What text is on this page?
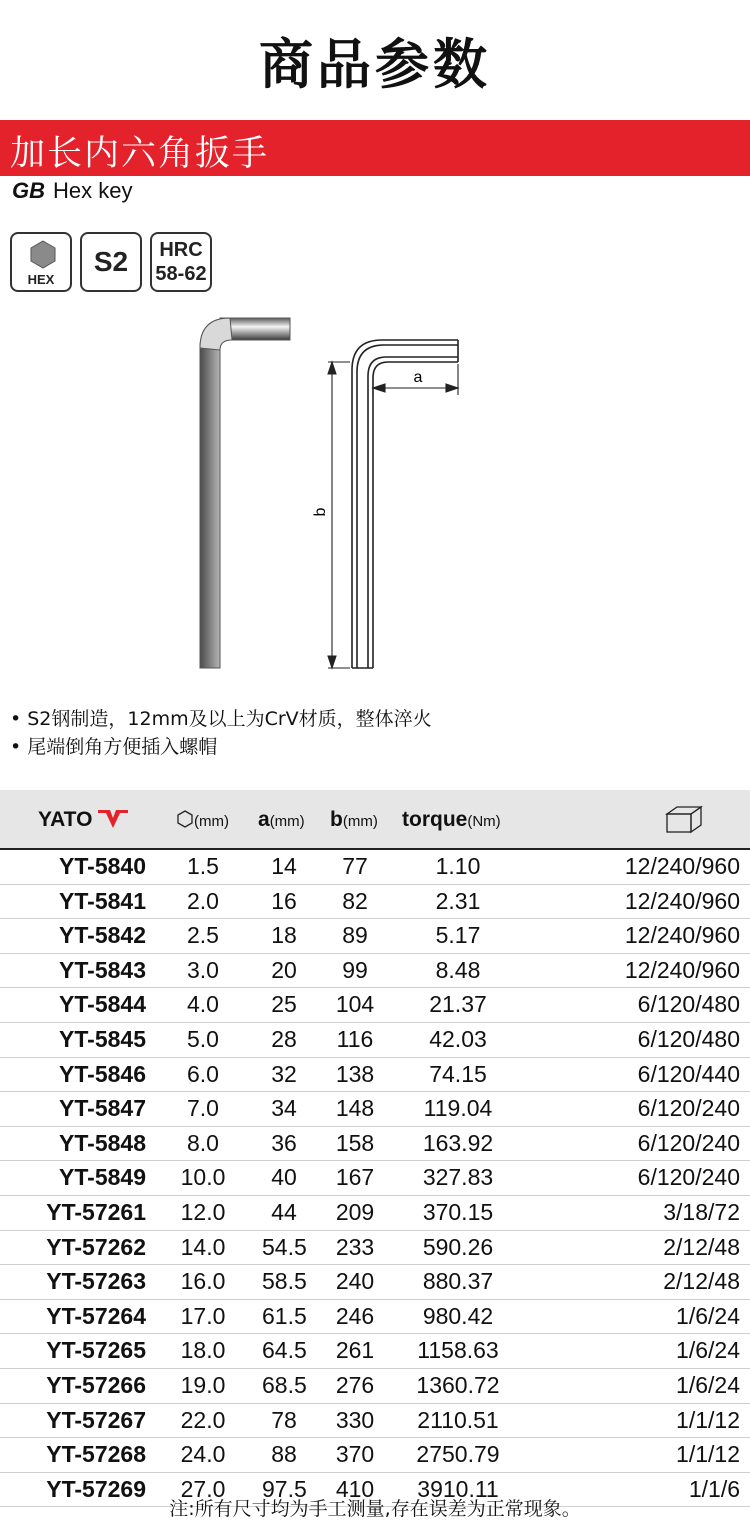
商品参数
加长内六角扳手
GB Hex key
HEX
S2	HRC
58-62
a
b
• S2钢制造，12mm及以上为CrV材质，整体淬火
• 尾端倒角方便插入螺帽
YATO	(mm) a(mm) b(mm) torque(Nm)
YT-5840	1.5	14	77	1.10	12/240/960
YT-5841	2.0	16	82	2.31	12/240/960
YT-5842	2.5	18	89	5.17	12/240/960
YT-5843	3.0	20	99	8.48	12/240/960
YT-5844	4.0	25	104	21.37	6/120/480
YT-5845	5.0	28	116	42.03	6/120/480
YT-5846	6.0	32	138	74.15	6/120/440
YT-5847	7.0	34	148	119.04	6/120/240
YT-5848	8.0	36	158	163.92	6/120/240
YT-5849 10.0	40	167	327.83	6/120/240
YT-57261 12.0	44	209	370.15	3/18/72
YT-57262 14.0 54.5 233	590.26	2/12/48
YT-57263 16.0 58.5 240	880.37	2/12/48
YT-57264 17.0 61.5 246	980.42	1/6/24
YT-57265 18.0 64.5 261	1158.63	1/6/24
YT-57266 19.0 68.5 276	1360.72	1/6/24
YT-57267 22.0	78	330	2110.51	1/1/12
YT-57268 24.0	88	370	2750.79	1/1/12
YT-57269 27.0 97.5 410	3910.11	1/1/6
注:所有尺寸均为手工测量,存在误差为正常现象。
